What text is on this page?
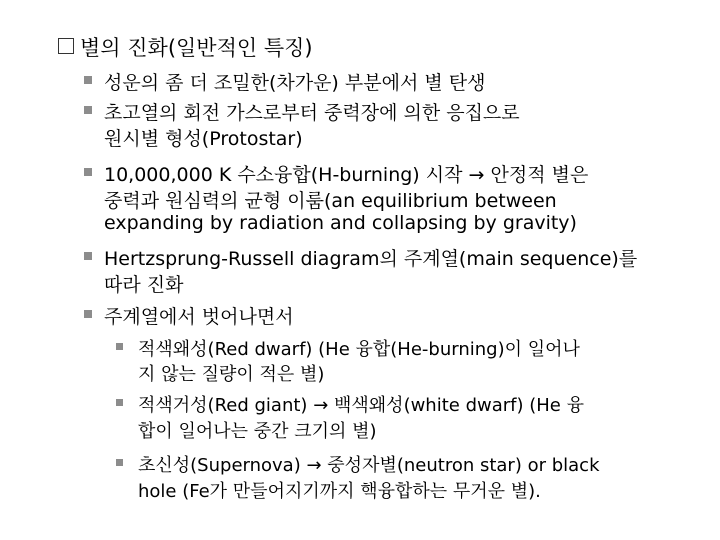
별의 진화(일반적인 특징)
성운의 좀 더 조밀한(차가운) 부분에서 별 탄생
초고열의 회전 가스로부터 중력장에 의한 응집으로
원시별 형성(Protostar)
10,000,000 K 수소융합(H-burning) 시작 → 안정적 별은
중력과 원심력의 균형 이룸(an equilibrium between
expanding by radiation and collapsing by gravity)
Hertzsprung-Russell diagram의 주계열(main sequence)를
따라 진화
주계열에서 벗어나면서
적색왜성(Red dwarf) (He 융합(He-burning)이 일어나
지 않는 질량이 적은 별)
적색거성(Red giant) → 백색왜성(white dwarf) (He 융
합이 일어나는 중간 크기의 별)
초신성(Supernova) → 중성자별(neutron star) or black
hole (Fe가 만들어지기까지 핵융합하는 무거운 별).
